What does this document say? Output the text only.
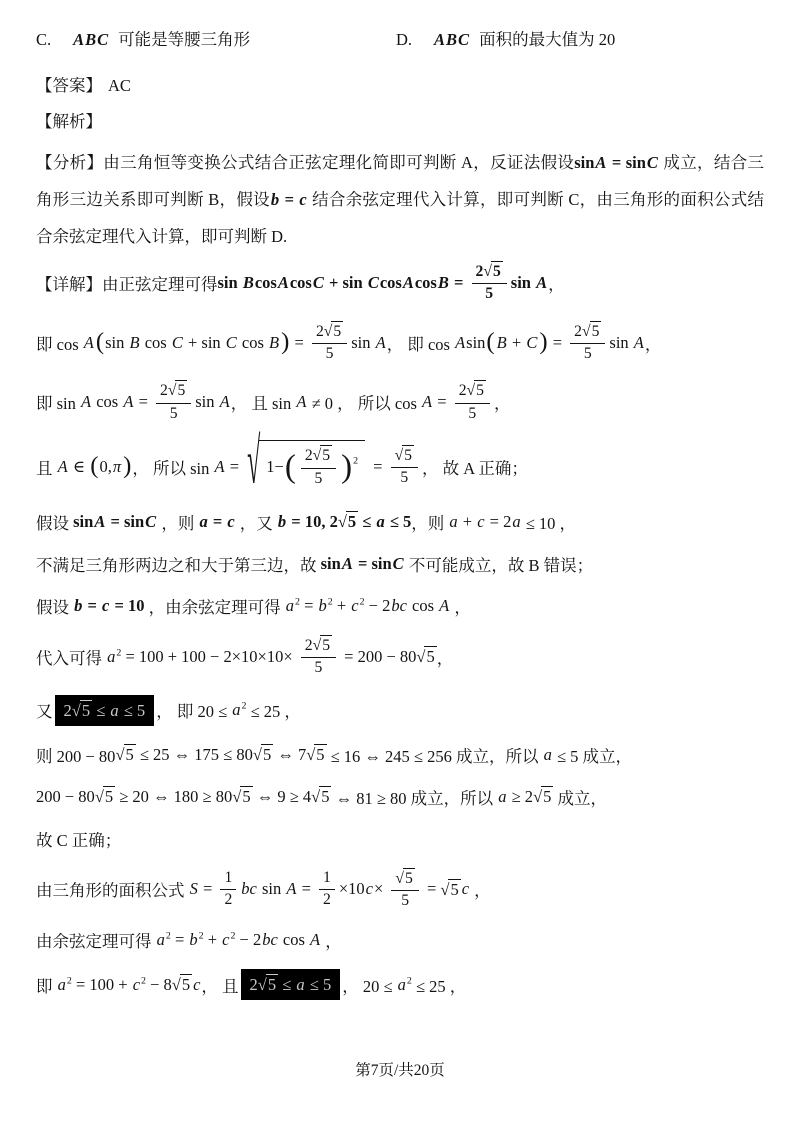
C. ABC 可能是等腰三角形	D. ABC 面积的最大值为 20
【答案】 AC
【解析】
【分析】由三角恒等变换公式结合正弦定理化简即可判断 A，反证法假设sinA = sinC 成立，结合三角形三边关系即可判断 B，假设b = c 结合余弦定理代入计算，即可判断 C，由三角形的面积公式结合余弦定理代入计算，即可判断 D.
【详解】由正弦定理可得 sin B cos A cos C + sin C cos A $\cos B = \frac{2 √ 5}{5}$ sin A ，
即 cos A ( sin B cos C + sin C cos B ) = $\frac{2 √ 5}{5}$ sin A ， 即 cos A sin ( B + C ) = $\frac{2 √ 5}{5}$ sin A ，
即 sin A $\cos A = \frac{2 √ 5}{5}$ sin A ， 且 sin A ≠ 0 ， 所以 $\cos A = \frac{2 √ 5}{5}$ ，
且 A ∈ ( 0, π ) ， 所以 sin A = √ 1− ( $\frac{2 √ 5}{5}$ ) $2 = \frac{√ 5}{5}$ ， 故 A 正确；
假设 sin A = sin C ，则 a = c ，又 b = 10, 2 √ 5 ≤ a ≤ 5 ，则 a + c = 2 a ≤ 10 ，
不满足三角形两边之和大于第三边，故 sin A = sin C 不可能成立，故 B 错误；
假设 b = c = 10 ，由余弦定理可得 a 2 = b 2 + c 2 − 2 bc cos A ，
代入可得 a $2 = 100 + 100 - 2\times 10\times 10\times \frac{2 √ 5}{5} = 200 - 80$ √ 5 ，
又 2 √ 5 ≤ a ≤ 5 ， 即 20 ≤ a 2 ≤ 25 ，
则 200 − 80 √ 5 ≤ 25 ⇔ 175 ≤ 80 √ 5 ⇔ 7 √ 5 ≤ 16 ⇔ 245 ≤ 256 成立，所以 a ≤ 5 成立，
200 − 80 √ 5 ≥ 20 ⇔ 180 ≥ 80 √ 5 ⇔ 9 ≥ 4 √ 5 ⇔ 81 ≥ 80 成立，所以 a ≥ 2 √ 5 成立，
故 C 正确；
由三角形的面积公式 $S = \frac{1}{2}$ bc $\sin A = \frac{1}{2} \times 10$ $c \times \frac{√ 5}{5}$ = √ 5 c ，
由余弦定理可得 a 2 = b 2 + c 2 − 2 bc cos A ，
即 a 2 = 100 + c 2 − 8 √ 5 c ， 且 2 √ 5 ≤ a ≤ 5 ， 20 ≤ a 2 ≤ 25 ，
第7页/共20页
